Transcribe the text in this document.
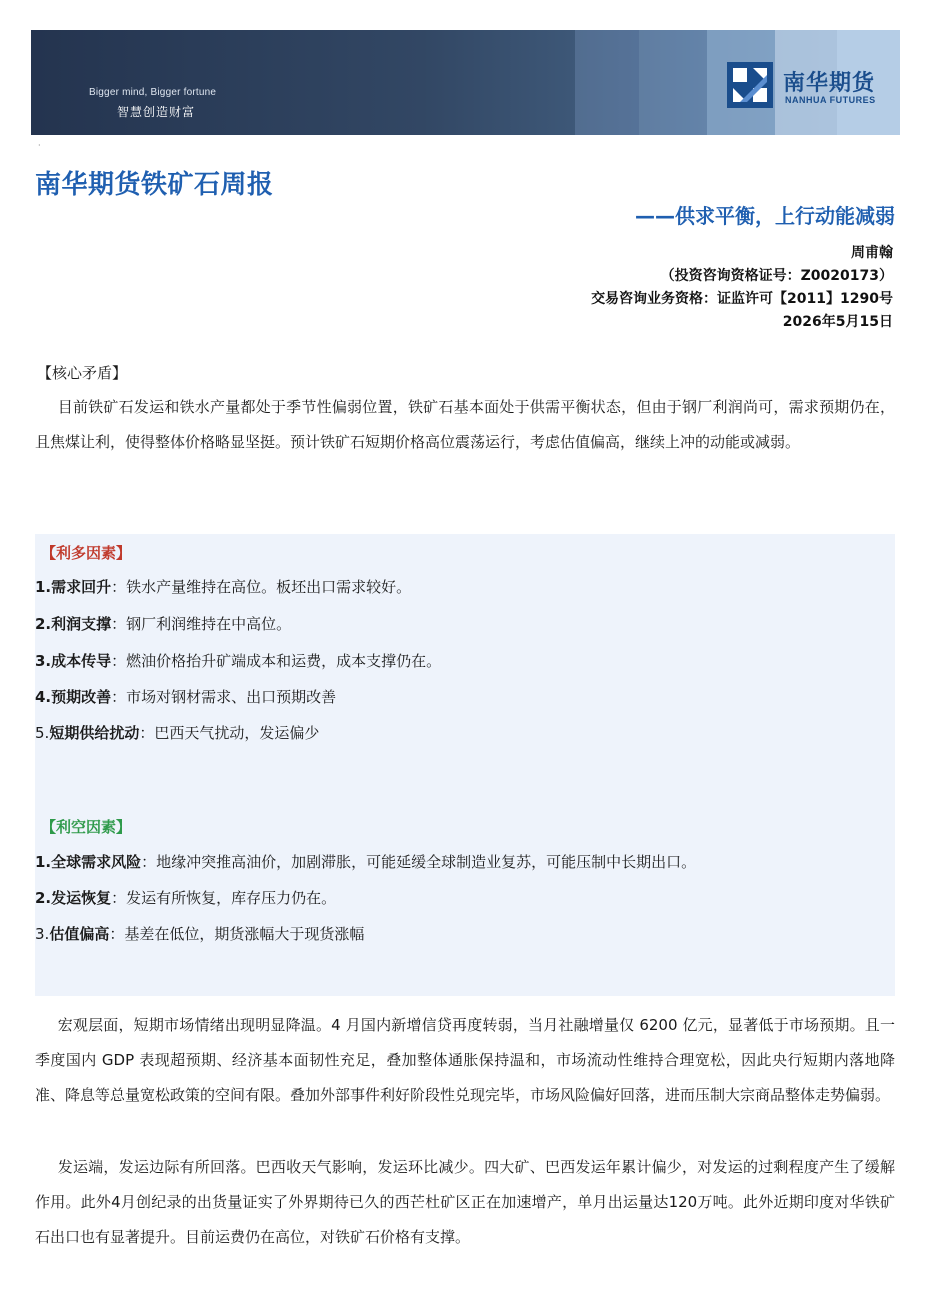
Bigger mind, Bigger fortune
智慧创造财富
南华期货
NANHUA FUTURES
·
南华期货铁矿石周报
——供求平衡，上行动能减弱
周甫翰
（投资咨询资格证号：Z0020173）
交易咨询业务资格：证监许可【2011】1290号
2026年5月15日
【核心矛盾】
  目前铁矿石发运和铁水产量都处于季节性偏弱位置，铁矿石基本面处于供需平衡状态，但由于钢厂利润尚可，需求预期仍在，且焦煤让利，使得整体价格略显坚挺。预计铁矿石短期价格高位震荡运行，考虑估值偏高，继续上冲的动能或减弱。
【利多因素】
1.需求回升：铁水产量维持在高位。板坯出口需求较好。
2.利润支撑：钢厂利润维持在中高位。
3.成本传导：燃油价格抬升矿端成本和运费，成本支撑仍在。
4.预期改善：市场对钢材需求、出口预期改善
5.短期供给扰动：巴西天气扰动，发运偏少
【利空因素】
1.全球需求风险：地缘冲突推高油价，加剧滞胀，可能延缓全球制造业复苏，可能压制中长期出口。
2.发运恢复：发运有所恢复，库存压力仍在。
3.估值偏高：基差在低位，期货涨幅大于现货涨幅
  宏观层面，短期市场情绪出现明显降温。4 月国内新增信贷再度转弱，当月社融增量仅 6200 亿元，显著低于市场预期。且一季度国内 GDP 表现超预期、经济基本面韧性充足，叠加整体通胀保持温和，市场流动性维持合理宽松，因此央行短期内落地降准、降息等总量宽松政策的空间有限。叠加外部事件利好阶段性兑现完毕，市场风险偏好回落，进而压制大宗商品整体走势偏弱。
  发运端，发运边际有所回落。巴西收天气影响，发运环比减少。四大矿、巴西发运年累计偏少，对发运的过剩程度产生了缓解作用。此外4月创纪录的出货量证实了外界期待已久的西芒杜矿区正在加速增产，单月出运量达120万吨。此外近期印度对华铁矿石出口也有显著提升。目前运费仍在高位，对铁矿石价格有支撑。
